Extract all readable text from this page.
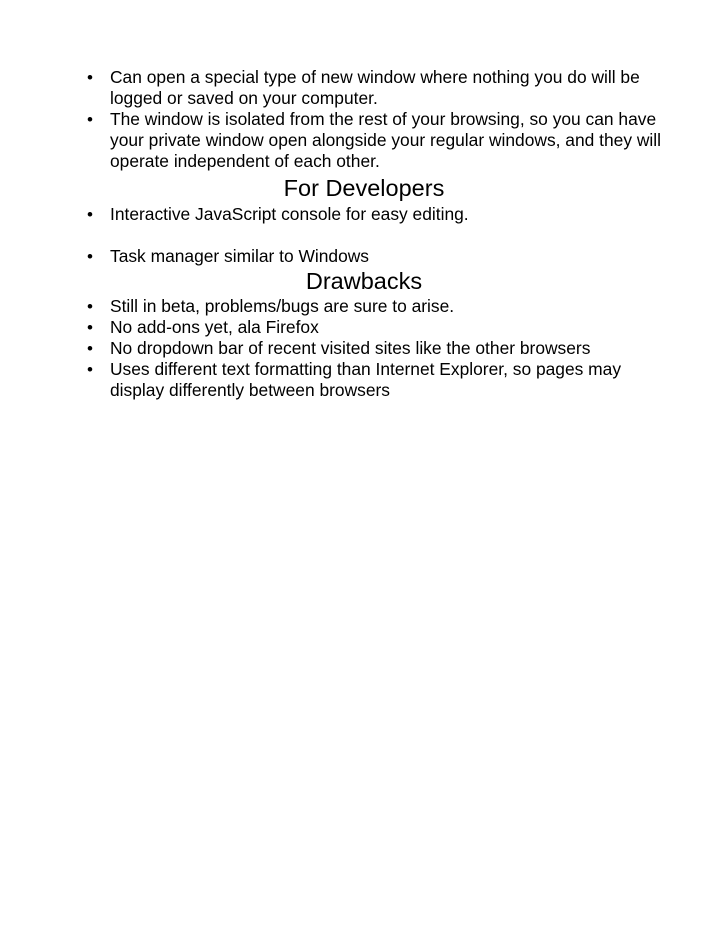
• Can open a special type of new window where nothing you do will be logged or saved on your computer.
• The window is isolated from the rest of your browsing, so you can have your private window open alongside your regular windows, and they will operate independent of each other.
For Developers
• Interactive JavaScript console for easy editing.
• Task manager similar to Windows
Drawbacks
• Still in beta, problems/bugs are sure to arise.
• No add-ons yet, ala Firefox
• No dropdown bar of recent visited sites like the other browsers
• Uses different text formatting than Internet Explorer, so pages may display differently between browsers
